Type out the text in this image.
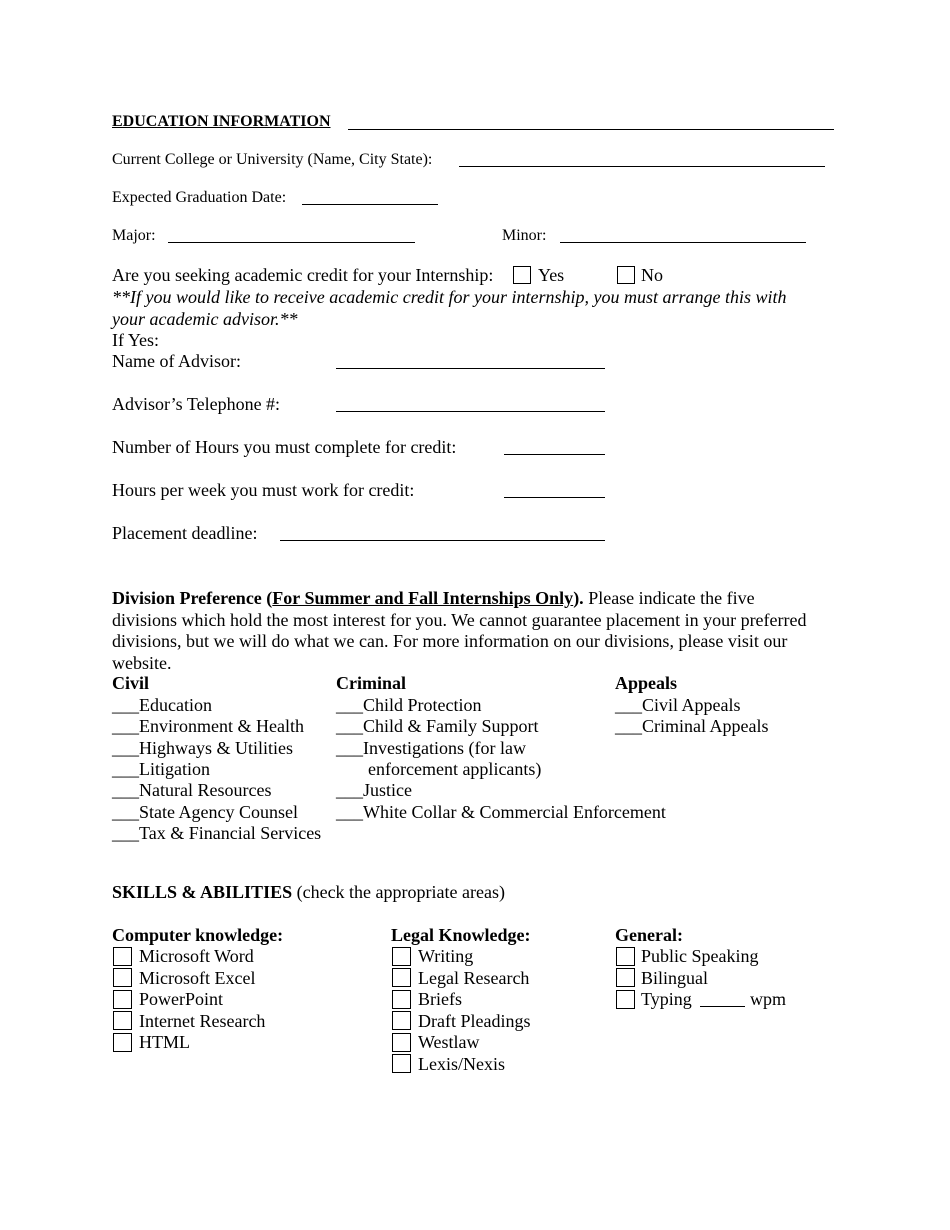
EDUCATION INFORMATION
Current College or University (Name, City State):
Expected Graduation Date:
Major:	Minor:
Are you seeking academic credit for your Internship: Yes	No
**If you would like to receive academic credit for your internship, you must arrange this with
your academic advisor.**
If Yes:
Name of Advisor:
Advisor’s Telephone #:
Number of Hours you must complete for credit:
Hours per week you must work for credit:
Placement deadline:
Division Preference (For Summer and Fall Internships Only). Please indicate the five
divisions which hold the most interest for you. We cannot guarantee placement in your preferred
divisions, but we will do what we can. For more information on our divisions, please visit our
website.
Civil
___Education
___Environment & Health
___Highways & Utilities
___Litigation
___Natural Resources
___State Agency Counsel
___Tax & Financial Services
Criminal
___Child Protection
___Child & Family Support
___Investigations (for law
enforcement applicants)
___Justice
___White Collar & Commercial Enforcement
Appeals
___Civil Appeals
___Criminal Appeals
SKILLS & ABILITIES (check the appropriate areas)
Computer knowledge:
Microsoft Word
Microsoft Excel
PowerPoint
Internet Research
HTML
Legal Knowledge:
Writing
Legal Research
Briefs
Draft Pleadings
Westlaw
Lexis/Nexis
General:
Public Speaking
Bilingual
Typing	wpm
